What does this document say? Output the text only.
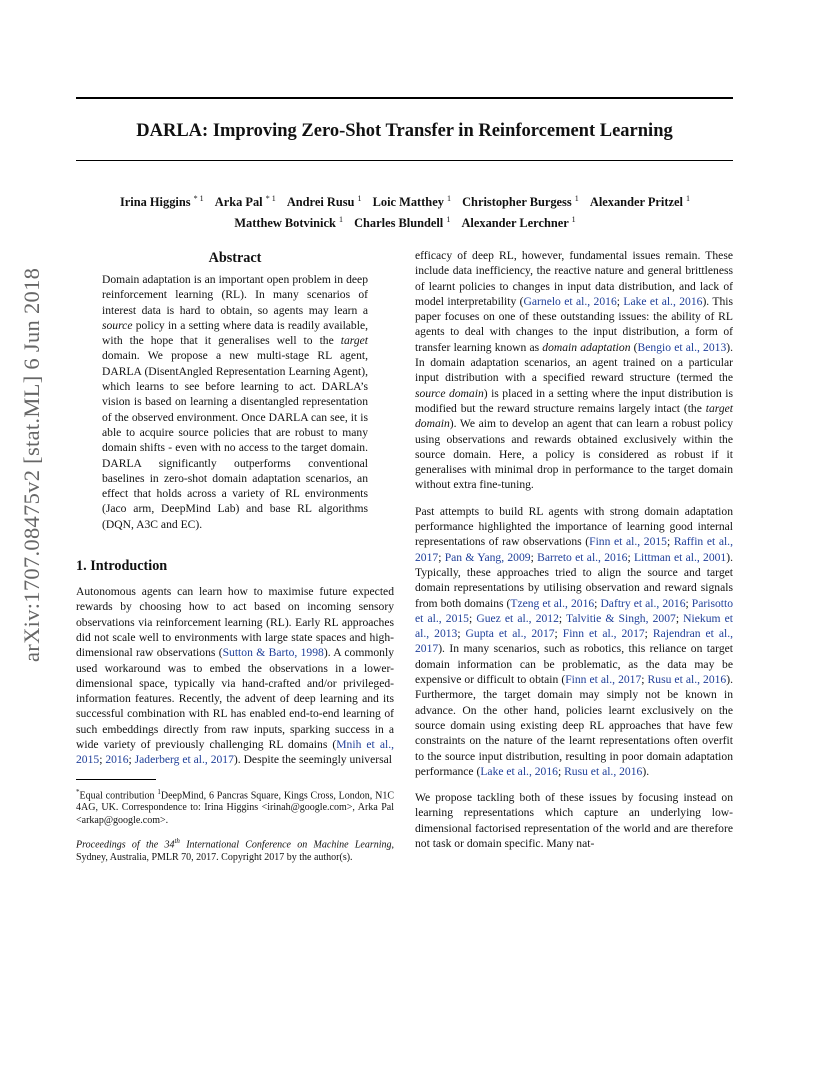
DARLA: Improving Zero-Shot Transfer in Reinforcement Learning
Irina Higgins $^{* 1}$ Arka Pal $^{* 1}$ Andrei Rusu $^1$ Loic Matthey $^1$ Christopher Burgess $^1$ Alexander Pritzel $^1$
Matthew Botvinick $^1$ Charles Blundell $^1$ Alexander Lerchner $^1$
arXiv:1707.08475v2 [stat.ML] 6 Jun 2018
Abstract

Domain adaptation is an important open problem in deep reinforcement learning (RL). In many scenarios of interest data is hard to obtain, so agents may learn a source policy in a setting where data is readily available, with the hope that it generalises well to the target domain. We propose a new multi-stage RL agent, DARLA (DisentAngled Representation Learning Agent), which learns to see before learning to act. DARLA’s vision is based on learning a disentangled representation of the observed environment. Once DARLA can see, it is able to acquire source policies that are robust to many domain shifts - even with no access to the target domain. DARLA significantly outperforms conventional baselines in zero-shot domain adaptation scenarios, an effect that holds across a variety of RL environments (Jaco arm, DeepMind Lab) and base RL algorithms (DQN, A3C and EC).

1. Introduction

Autonomous agents can learn how to maximise future expected rewards by choosing how to act based on incoming sensory observations via reinforcement learning (RL). Early RL approaches did not scale well to environments with large state spaces and high-dimensional raw observations (Sutton & Barto, 1998). A commonly used workaround was to embed the observations in a lower-dimensional space, typically via hand-crafted and/or privileged-information features. Recently, the advent of deep learning and its successful combination with RL has enabled end-to-end learning of such embeddings directly from raw inputs, sparking success in a wide variety of previously challenging RL domains (Mnih et al., 2015; 2016; Jaderberg et al., 2017). Despite the seemingly universal

*Equal contribution $^1$DeepMind, 6 Pancras Square, Kings Cross, London, N1C 4AG, UK. Correspondence to: Irina Higgins <irinah@google.com>, Arka Pal <arkap@google.com>.

Proceedings of the 34th International Conference on Machine Learning, Sydney, Australia, PMLR 70, 2017. Copyright 2017 by the author(s).

efficacy of deep RL, however, fundamental issues remain. These include data inefficiency, the reactive nature and general brittleness of learnt policies to changes in input data distribution, and lack of model interpretability (Garnelo et al., 2016; Lake et al., 2016). This paper focuses on one of these outstanding issues: the ability of RL agents to deal with changes to the input distribution, a form of transfer learning known as domain adaptation (Bengio et al., 2013). In domain adaptation scenarios, an agent trained on a particular input distribution with a specified reward structure (termed the source domain) is placed in a setting where the input distribution is modified but the reward structure remains largely intact (the target domain). We aim to develop an agent that can learn a robust policy using observations and rewards obtained exclusively within the source domain. Here, a policy is considered as robust if it generalises with minimal drop in performance to the target domain without extra fine-tuning.

Past attempts to build RL agents with strong domain adaptation performance highlighted the importance of learning good internal representations of raw observations (Finn et al., 2015; Raffin et al., 2017; Pan & Yang, 2009; Barreto et al., 2016; Littman et al., 2001). Typically, these approaches tried to align the source and target domain representations by utilising observation and reward signals from both domains (Tzeng et al., 2016; Daftry et al., 2016; Parisotto et al., 2015; Guez et al., 2012; Talvitie & Singh, 2007; Niekum et al., 2013; Gupta et al., 2017; Finn et al., 2017; Rajendran et al., 2017). In many scenarios, such as robotics, this reliance on target domain information can be problematic, as the data may be expensive or difficult to obtain (Finn et al., 2017; Rusu et al., 2016). Furthermore, the target domain may simply not be known in advance. On the other hand, policies learnt exclusively on the source domain using existing deep RL approaches that have few constraints on the nature of the learnt representations often overfit to the source input distribution, resulting in poor domain adaptation performance (Lake et al., 2016; Rusu et al., 2016).

We propose tackling both of these issues by focusing instead on learning representations which capture an underlying low-dimensional factorised representation of the world and are therefore not task or domain specific. Many nat-
